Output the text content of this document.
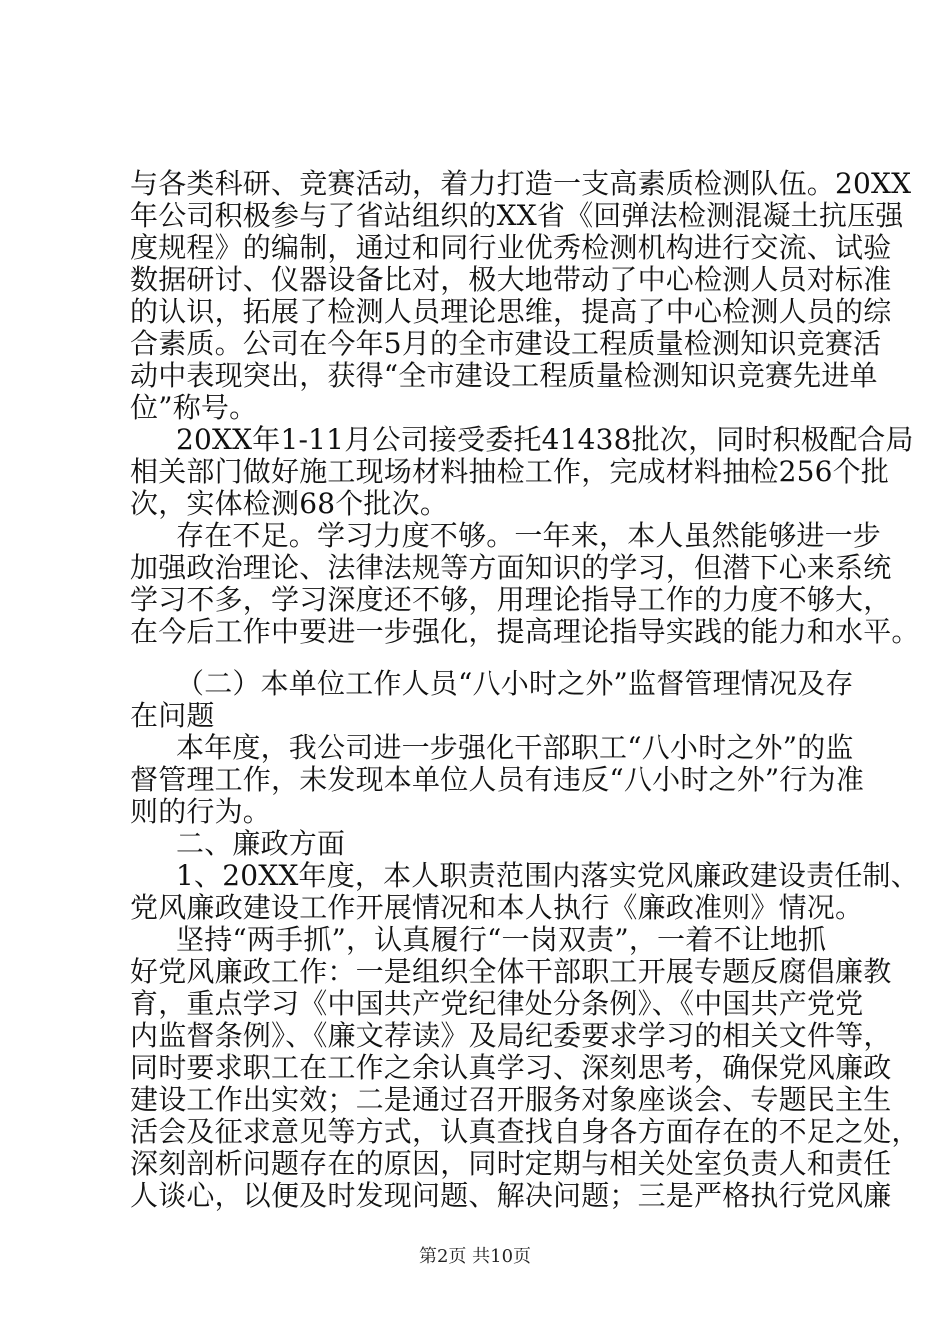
与各类科研、竞赛活动，着力打造一支高素质检测队伍。20XX
年公司积极参与了省站组织的XX省《回弹法检测混凝土抗压强
度规程》的编制，通过和同行业优秀检测机构进行交流、试验
数据研讨、仪器设备比对，极大地带动了中心检测人员对标准
的认识，拓展了检测人员理论思维，提高了中心检测人员的综
合素质。公司在今年5月的全市建设工程质量检测知识竞赛活
动中表现突出，获得“全市建设工程质量检测知识竞赛先进单
位”称号。
20XX年1-11月公司接受委托41438批次，同时积极配合局
相关部门做好施工现场材料抽检工作，完成材料抽检256个批
次，实体检测68个批次。
存在不足。学习力度不够。一年来，本人虽然能够进一步
加强政治理论、法律法规等方面知识的学习，但潜下心来系统
学习不多，学习深度还不够，用理论指导工作的力度不够大，
在今后工作中要进一步强化，提高理论指导实践的能力和水平。
（二）本单位工作人员“八小时之外”监督管理情况及存
在问题
本年度，我公司进一步强化干部职工“八小时之外”的监
督管理工作，未发现本单位人员有违反“八小时之外”行为准
则的行为。
二、廉政方面
1、20XX年度，本人职责范围内落实党风廉政建设责任制、
党风廉政建设工作开展情况和本人执行《廉政准则》情况。
坚持“两手抓”，认真履行“一岗双责”，一着不让地抓
好党风廉政工作：一是组织全体干部职工开展专题反腐倡廉教
育，重点学习《中国共产党纪律处分条例》、《中国共产党党
内监督条例》、《廉文荐读》及局纪委要求学习的相关文件等，
同时要求职工在工作之余认真学习、深刻思考，确保党风廉政
建设工作出实效；二是通过召开服务对象座谈会、专题民主生
活会及征求意见等方式，认真查找自身各方面存在的不足之处，
深刻剖析问题存在的原因，同时定期与相关处室负责人和责任
人谈心，以便及时发现问题、解决问题；三是严格执行党风廉
第2页 共10页
